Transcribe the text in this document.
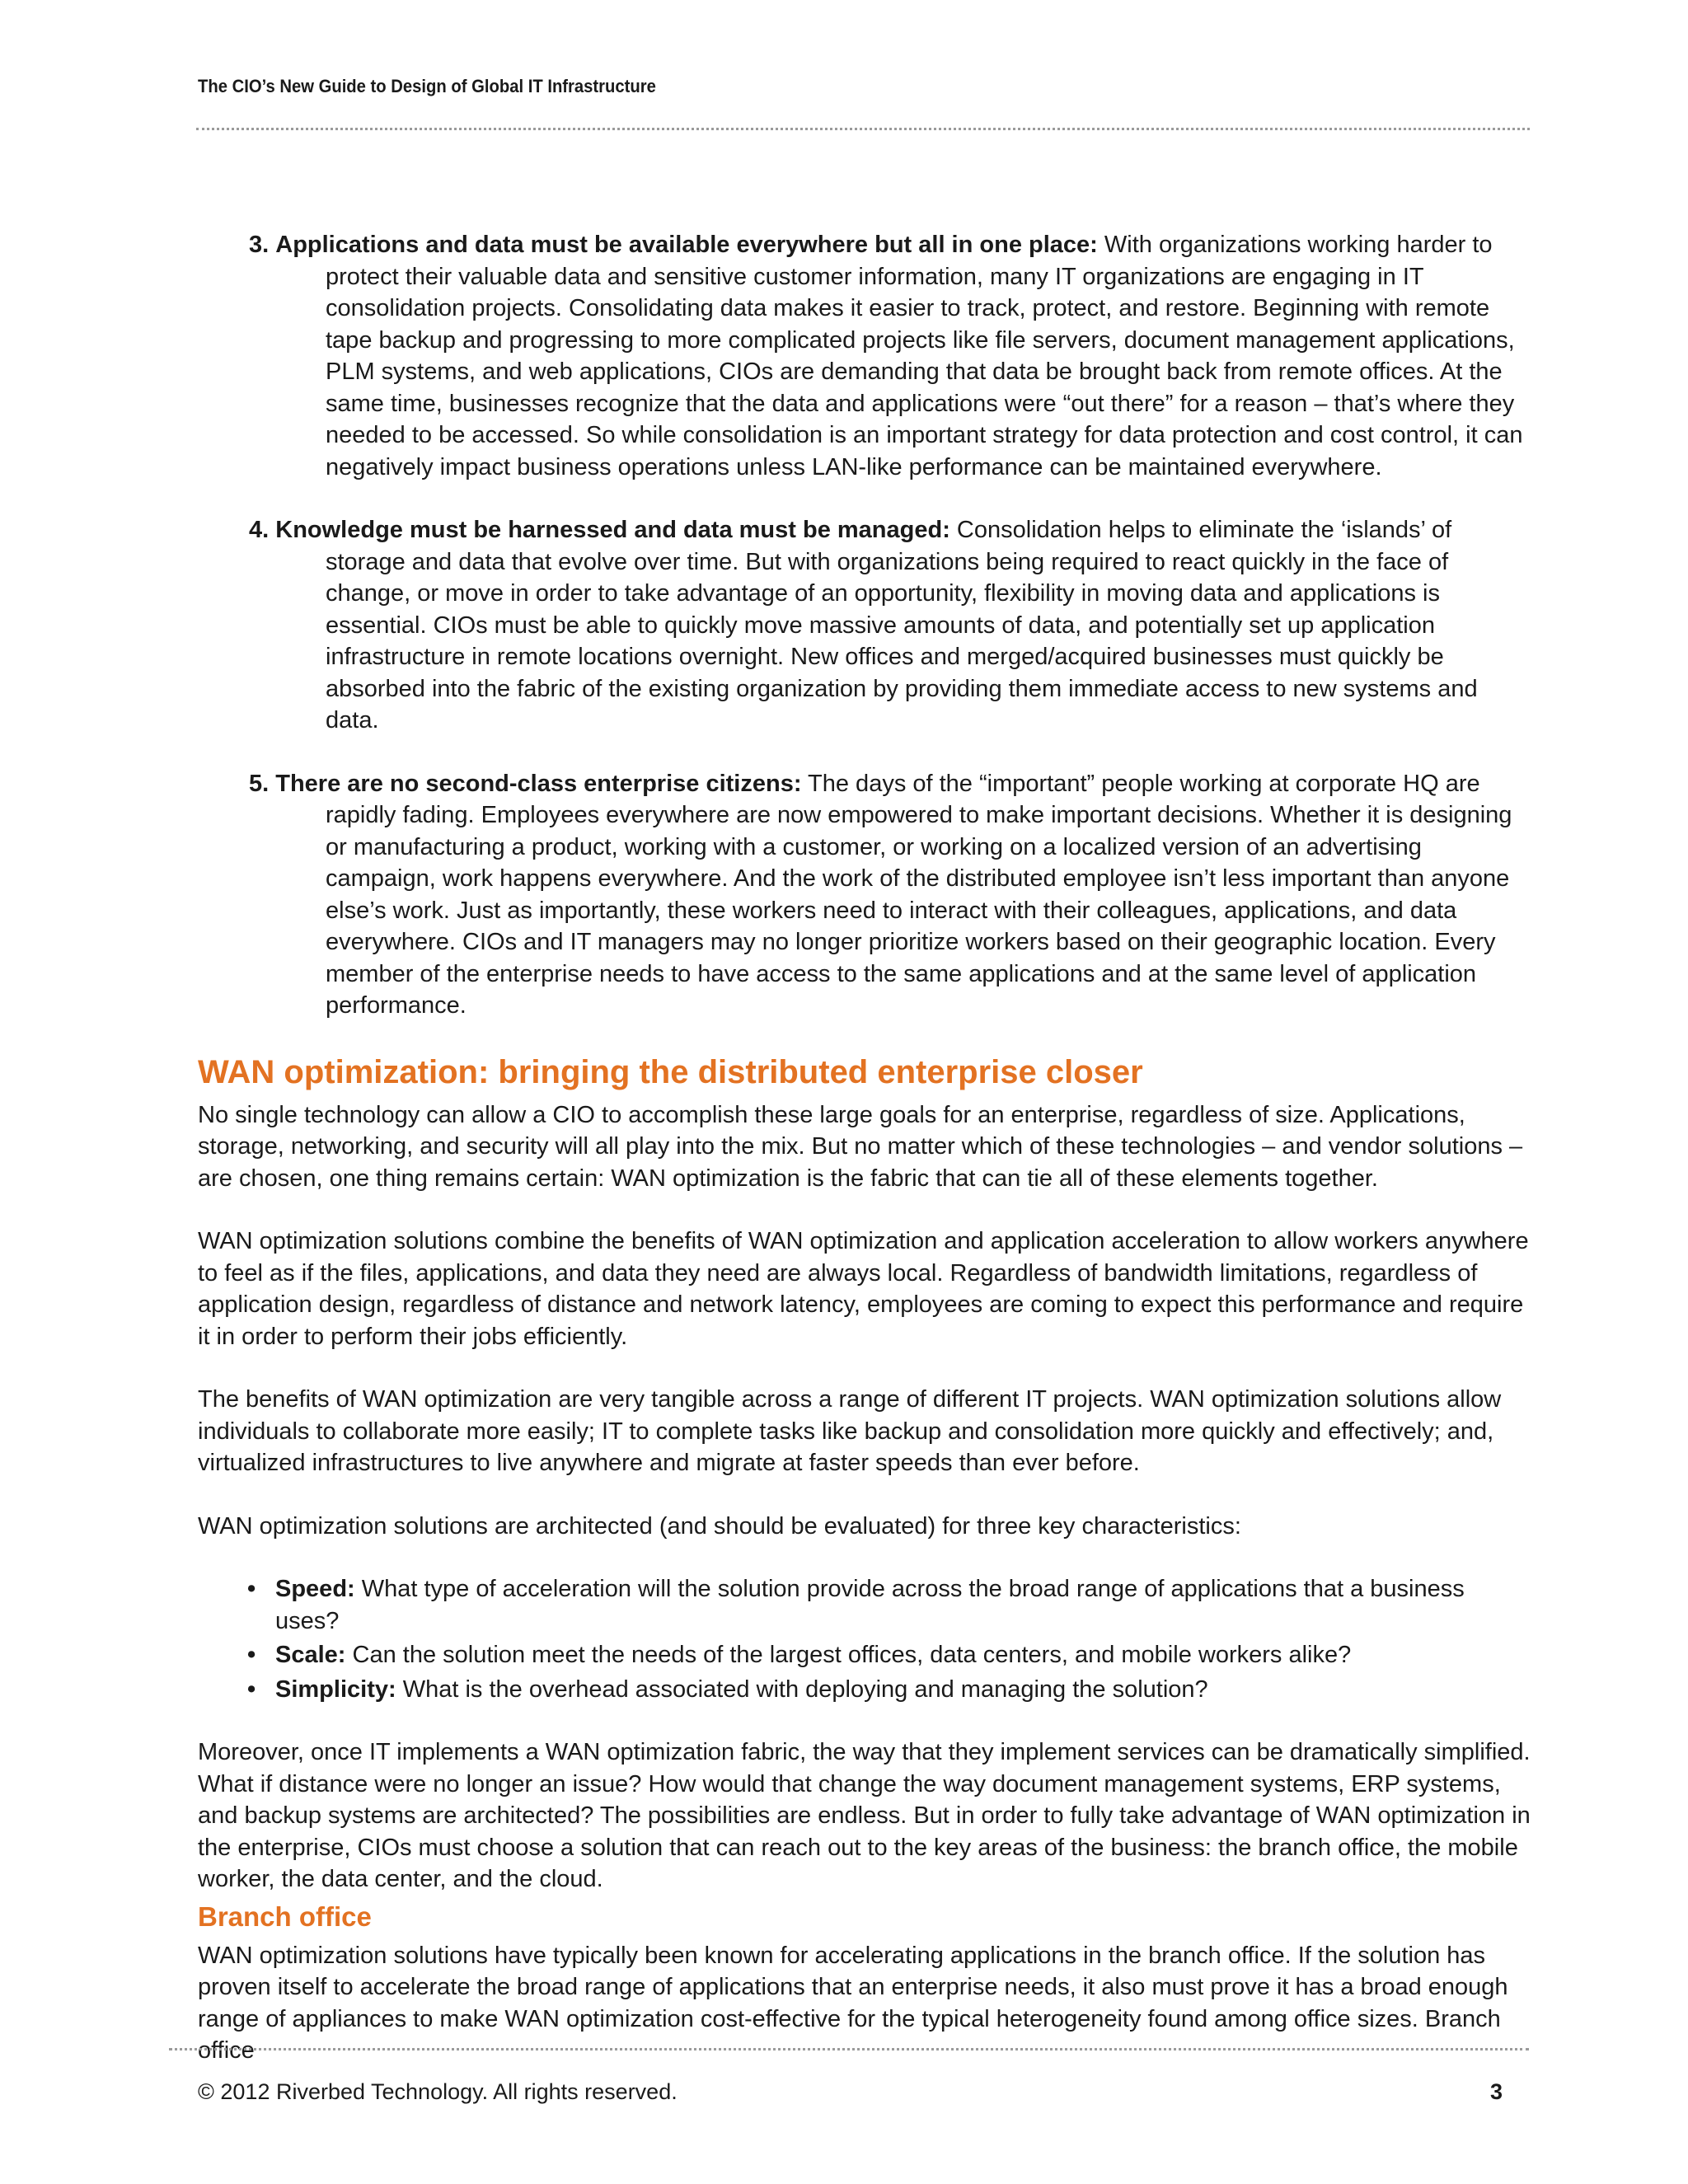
The CIO’s New Guide to Design of Global IT Infrastructure
3. Applications and data must be available everywhere but all in one place: With organizations working harder to protect their valuable data and sensitive customer information, many IT organizations are engaging in IT consolidation projects. Consolidating data makes it easier to track, protect, and restore. Beginning with remote tape backup and progressing to more complicated projects like file servers, document management applications, PLM systems, and web applications, CIOs are demanding that data be brought back from remote offices. At the same time, businesses recognize that the data and applications were “out there” for a reason – that’s where they needed to be accessed. So while consolidation is an important strategy for data protection and cost control, it can negatively impact business operations unless LAN-like performance can be maintained everywhere.
4. Knowledge must be harnessed and data must be managed: Consolidation helps to eliminate the ‘islands’ of storage and data that evolve over time. But with organizations being required to react quickly in the face of change, or move in order to take advantage of an opportunity, flexibility in moving data and applications is essential. CIOs must be able to quickly move massive amounts of data, and potentially set up application infrastructure in remote locations overnight. New offices and merged/acquired businesses must quickly be absorbed into the fabric of the existing organization by providing them immediate access to new systems and data.
5. There are no second-class enterprise citizens: The days of the “important” people working at corporate HQ are rapidly fading. Employees everywhere are now empowered to make important decisions. Whether it is designing or manufacturing a product, working with a customer, or working on a localized version of an advertising campaign, work happens everywhere. And the work of the distributed employee isn’t less important than anyone else’s work. Just as importantly, these workers need to interact with their colleagues, applications, and data everywhere. CIOs and IT managers may no longer prioritize workers based on their geographic location. Every member of the enterprise needs to have access to the same applications and at the same level of application performance.
WAN optimization: bringing the distributed enterprise closer

No single technology can allow a CIO to accomplish these large goals for an enterprise, regardless of size. Applications, storage, networking, and security will all play into the mix. But no matter which of these technologies – and vendor solutions – are chosen, one thing remains certain: WAN optimization is the fabric that can tie all of these elements together.

WAN optimization solutions combine the benefits of WAN optimization and application acceleration to allow workers anywhere to feel as if the files, applications, and data they need are always local. Regardless of bandwidth limitations, regardless of application design, regardless of distance and network latency, employees are coming to expect this performance and require it in order to perform their jobs efficiently.

The benefits of WAN optimization are very tangible across a range of different IT projects. WAN optimization solutions allow individuals to collaborate more easily; IT to complete tasks like backup and consolidation more quickly and effectively; and, virtualized infrastructures to live anywhere and migrate at faster speeds than ever before.

WAN optimization solutions are architected (and should be evaluated) for three key characteristics:

• Speed: What type of acceleration will the solution provide across the broad range of applications that a business uses?
• Scale: Can the solution meet the needs of the largest offices, data centers, and mobile workers alike?
• Simplicity: What is the overhead associated with deploying and managing the solution?

Moreover, once IT implements a WAN optimization fabric, the way that they implement services can be dramatically simplified. What if distance were no longer an issue? How would that change the way document management systems, ERP systems, and backup systems are architected? The possibilities are endless. But in order to fully take advantage of WAN optimization in the enterprise, CIOs must choose a solution that can reach out to the key areas of the business: the branch office, the mobile worker, the data center, and the cloud.

Branch office

WAN optimization solutions have typically been known for accelerating applications in the branch office. If the solution has proven itself to accelerate the broad range of applications that an enterprise needs, it also must prove it has a broad enough range of appliances to make WAN optimization cost-effective for the typical heterogeneity found among office sizes. Branch office

© 2012 Riverbed Technology. All rights reserved.	3
